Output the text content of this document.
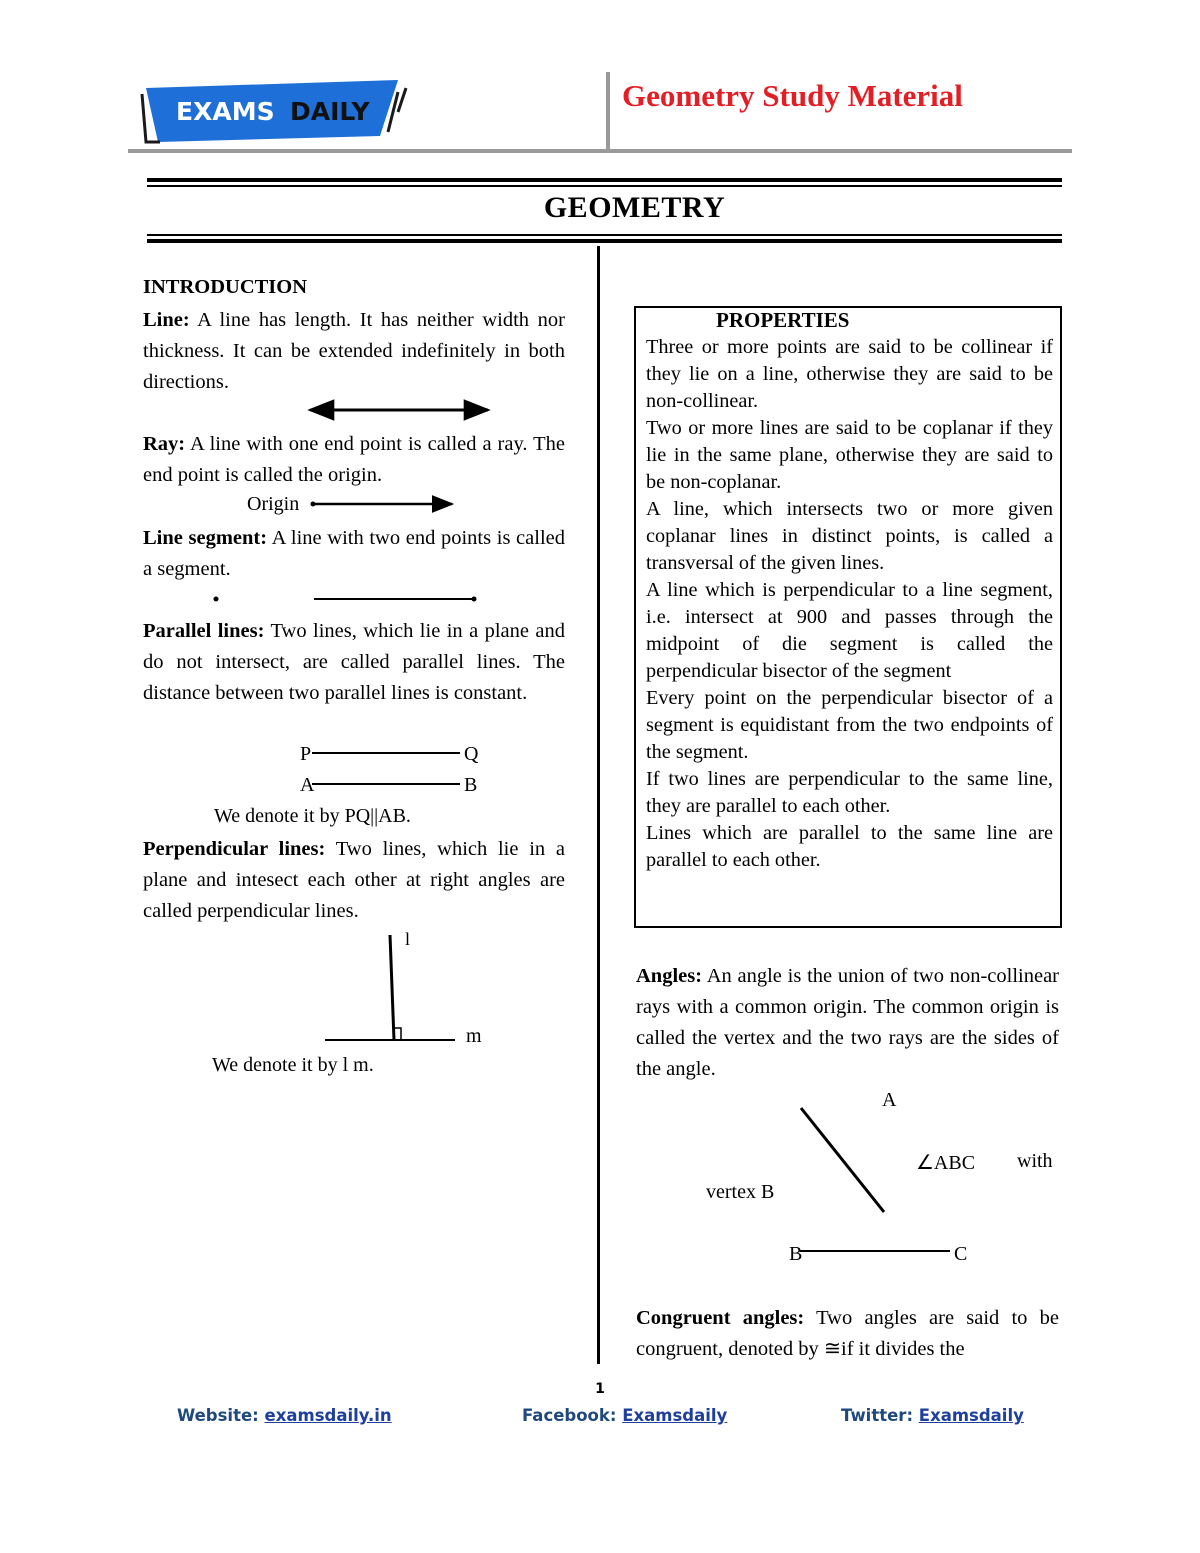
EXAMS DAILY	Geometry Study Material
GEOMETRY
INTRODUCTION
Line: A line has length. It has neither width nor thickness. It can be extended indefinitely in both directions.
Ray: A line with one end point is called a ray. The end point is called the origin.
Origin
Line segment: A line with two end points is called a segment.
Parallel lines: Two lines, which lie in a plane and do not intersect, are called parallel lines. The distance between two parallel lines is constant.
P	Q
A	B
We denote it by PQ||AB.
Perpendicular lines: Two lines, which lie in a plane and intesect each other at right angles are called perpendicular lines.
l
m
We denote it by l m.
PROPERTIES

Three or more points are said to be collinear if they lie on a line, otherwise they are said to be non-collinear.

Two or more lines are said to be coplanar if they lie in the same plane, otherwise they are said to be non-coplanar.

A line, which intersects two or more given coplanar lines in distinct points, is called a transversal of the given lines.

A line which is perpendicular to a line segment, i.e. intersect at 900 and passes through the midpoint of die segment is called the perpendicular bisector of the segment

Every point on the perpendicular bisector of a segment is equidistant from the two endpoints of the segment.

If two lines are perpendicular to the same line, they are parallel to each other.

Lines which are parallel to the same line are parallel to each other.

Angles: An angle is the union of two non-collinear rays with a common origin. The common origin is called the vertex and the two rays are the sides of the angle.
A
∠ABC with
vertex B
B	C
Congruent angles: Two angles are said to be congruent, denoted by ≅if it divides the
1
Website: examsdaily.in	Facebook: Examsdaily	Twitter: Examsdaily
